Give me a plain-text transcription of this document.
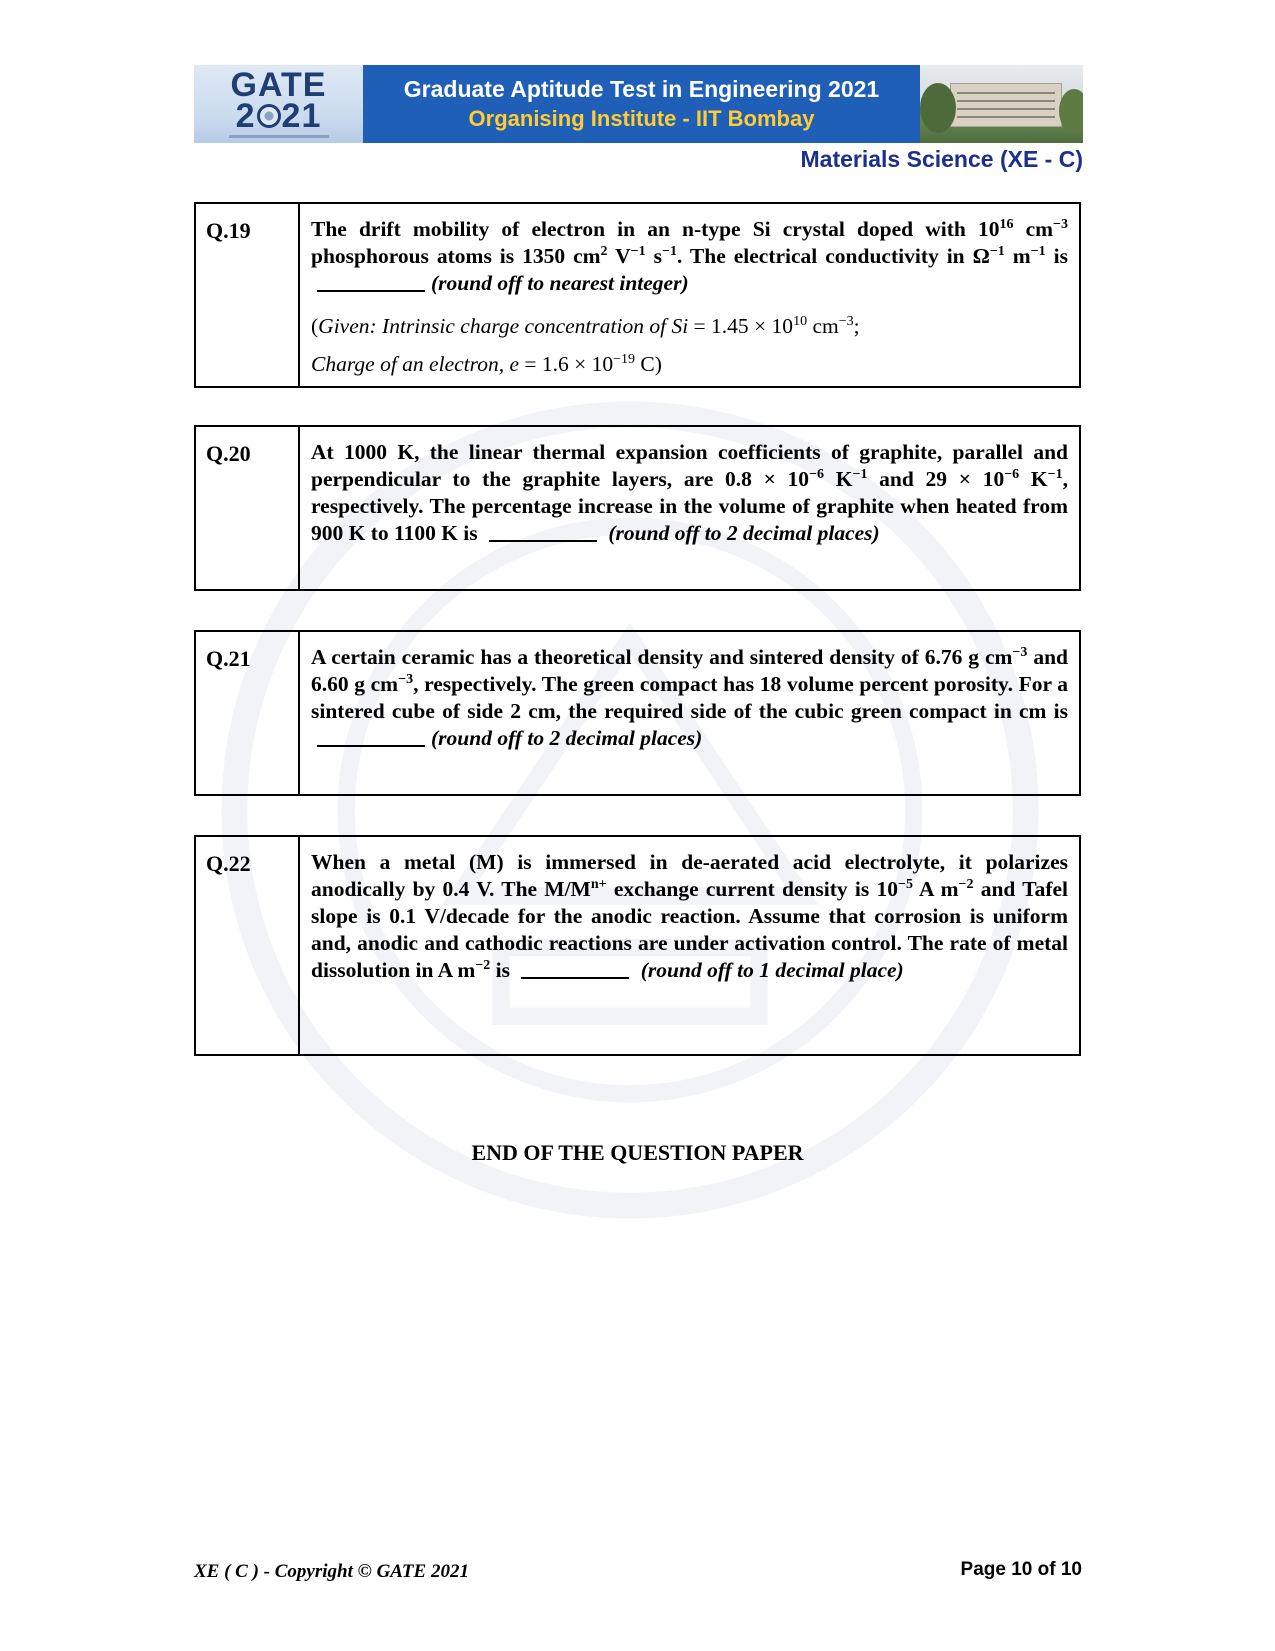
GATE
2 21
Graduate Aptitude Test in Engineering 2021
Organising Institute - IIT Bombay
Materials Science (XE - C)
Q.19	The drift mobility of electron in an n-type Si crystal doped with $10^{16}$ $cm^{-3}$ phosphorous atoms is 1350 $cm^2$ $V^{-1}$ $s^{-1}$. The electrical conductivity in $\Omega^{-1}$ $m^{-1}$ is (round off to nearest integer)
(Given: Intrinsic charge concentration of $Si = 1.45 \times 10^{10}$ $cm^{-3}$;
Charge of an electron, $e = 1.6 \times 10^{-19}$ C)
Q.20	At 1000 K, the linear thermal expansion coefficients of graphite, parallel and perpendicular to the graphite layers, are $0.8 \times 10^{-6}$ $K^{-1}$ and $29 \times 10^{-6}$ $K^{-1}$, respectively. The percentage increase in the volume of graphite when heated from 900 K to 1100 K is	(round off to 2 decimal places)
Q.21	A certain ceramic has a theoretical density and sintered density of 6.76 g $cm^{-3}$ and 6.60 g $cm^{-3}$, respectively. The green compact has 18 volume percent porosity. For a sintered cube of side 2 cm, the required side of the cubic green compact in cm is (round off to 2 decimal places)
Q.22	When a metal (M) is immersed in de-aerated acid electrolyte, it polarizes anodically by 0.4 V. The $M/M^{n+}$ exchange current density is $10^{-5}$ A $m^{-2}$ and Tafel slope is 0.1 V/decade for the anodic reaction. Assume that corrosion is uniform and, anodic and cathodic reactions are under activation control. The rate of metal dissolution in A $m^{-2}$ is	(round off to 1 decimal place)
END OF THE QUESTION PAPER
XE ( C ) - Copyright © GATE 2021	Page 10 of 10
